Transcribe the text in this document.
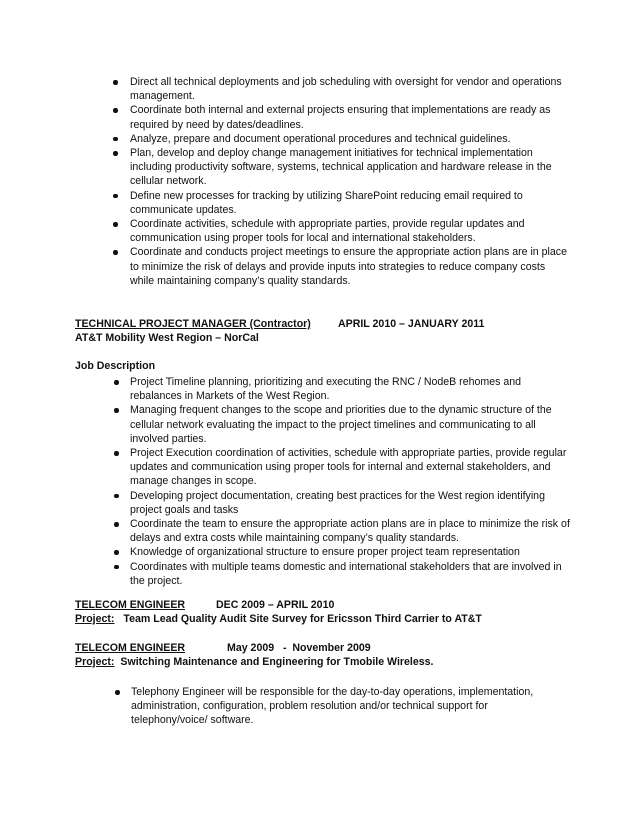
Direct all technical deployments and job scheduling with oversight for vendor and operations management.
Coordinate both internal and external projects ensuring that implementations are ready as required by need by dates/deadlines.
Analyze, prepare and document operational procedures and technical guidelines.
Plan, develop and deploy change management initiatives for technical implementation including productivity software, systems, technical application and hardware release in the cellular network.
Define new processes for tracking by utilizing SharePoint reducing email required to communicate updates.
Coordinate activities, schedule with appropriate parties, provide regular updates and communication using proper tools for local and international stakeholders.
Coordinate and conducts project meetings to ensure the appropriate action plans are in place to minimize the risk of delays and provide inputs into strategies to reduce company costs while maintaining company’s quality standards.
TECHNICAL PROJECT MANAGER (Contractor)	APRIL 2010 – JANUARY 2011
AT&T Mobility West Region – NorCal
Job Description
Project Timeline planning, prioritizing and executing the RNC / NodeB rehomes and rebalances in Markets of the West Region.
Managing frequent changes to the scope and priorities due to the dynamic structure of the cellular network evaluating the impact to the project timelines and communicating to all involved parties.
Project Execution coordination of activities, schedule with appropriate parties, provide regular updates and communication using proper tools for internal and external stakeholders, and manage changes in scope.
Developing project documentation, creating best practices for the West region identifying project goals and tasks
Coordinate the team to ensure the appropriate action plans are in place to minimize the risk of delays and extra costs while maintaining company’s quality standards.
Knowledge of organizational structure to ensure proper project team representation
Coordinates with multiple teams domestic and international stakeholders that are involved in the project.
TELECOM ENGINEER	DEC 2009 – APRIL 2010
Project: Team Lead Quality Audit Site Survey for Ericsson Third Carrier to AT&T
TELECOM ENGINEER	May 2009   -  November 2009
Project: Switching Maintenance and Engineering for Tmobile Wireless.
Telephony Engineer will be responsible for the day-to-day operations, implementation, administration, configuration, problem resolution and/or technical support for telephony/voice/ software.
